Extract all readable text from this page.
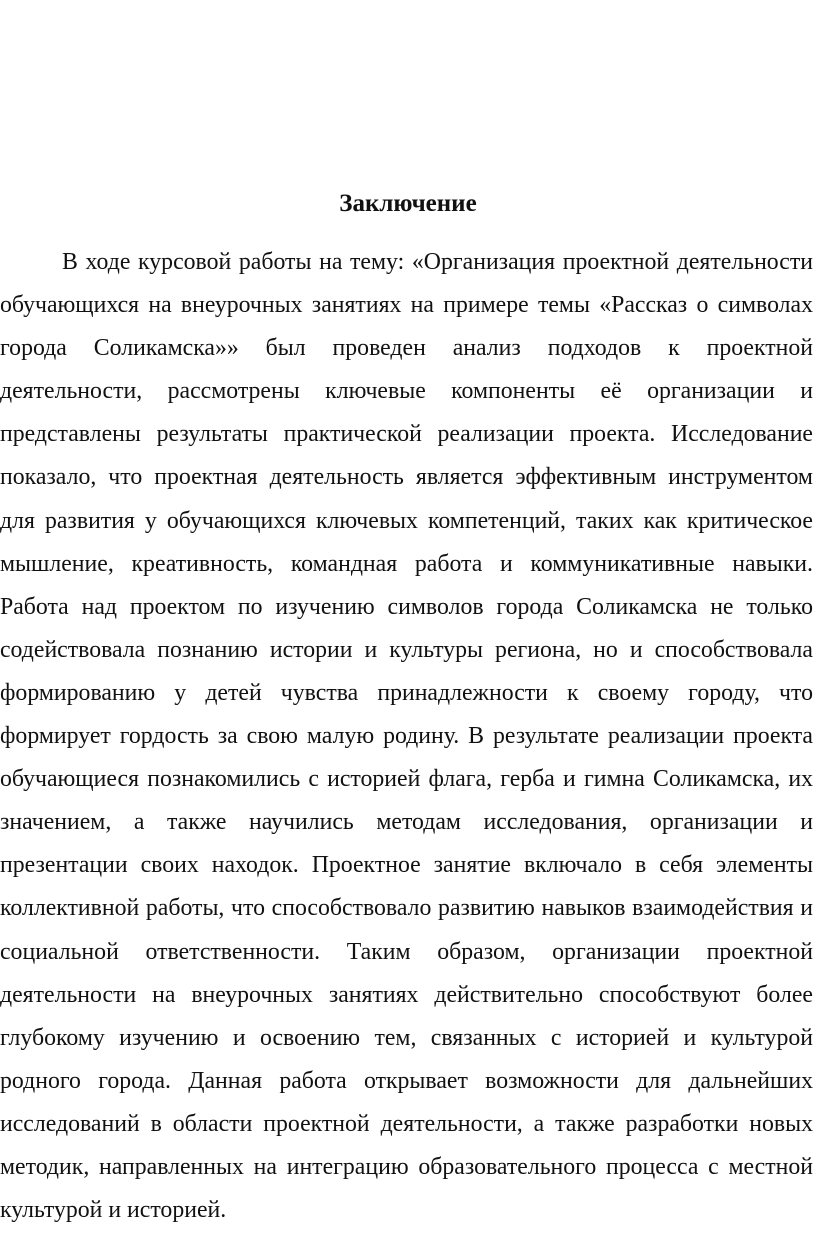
Заключение

В ходе курсовой работы на тему: «Организация проектной деятельности обучающихся на внеурочных занятиях на примере темы «Рассказ о символах города Соликамска»» был проведен анализ подходов к проектной деятельности, рассмотрены ключевые компоненты её организации и представлены результаты практической реализации проекта. Исследование показало, что проектная деятельность является эффективным инструментом для развития у обучающихся ключевых компетенций, таких как критическое мышление, креативность, командная работа и коммуникативные навыки. Работа над проектом по изучению символов города Соликамска не только содействовала познанию истории и культуры региона, но и способствовала формированию у детей чувства принадлежности к своему городу, что формирует гордость за свою малую родину. В результате реализации проекта обучающиеся познакомились с историей флага, герба и гимна Соликамска, их значением, а также научились методам исследования, организации и презентации своих находок. Проектное занятие включало в себя элементы коллективной работы, что способствовало развитию навыков взаимодействия и социальной ответственности. Таким образом, организации проектной деятельности на внеурочных занятиях действительно способствуют более глубокому изучению и освоению тем, связанных с историей и культурой родного города. Данная работа открывает возможности для дальнейших исследований в области проектной деятельности, а также разработки новых методик, направленных на интеграцию образовательного процесса с местной культурой и историей.
